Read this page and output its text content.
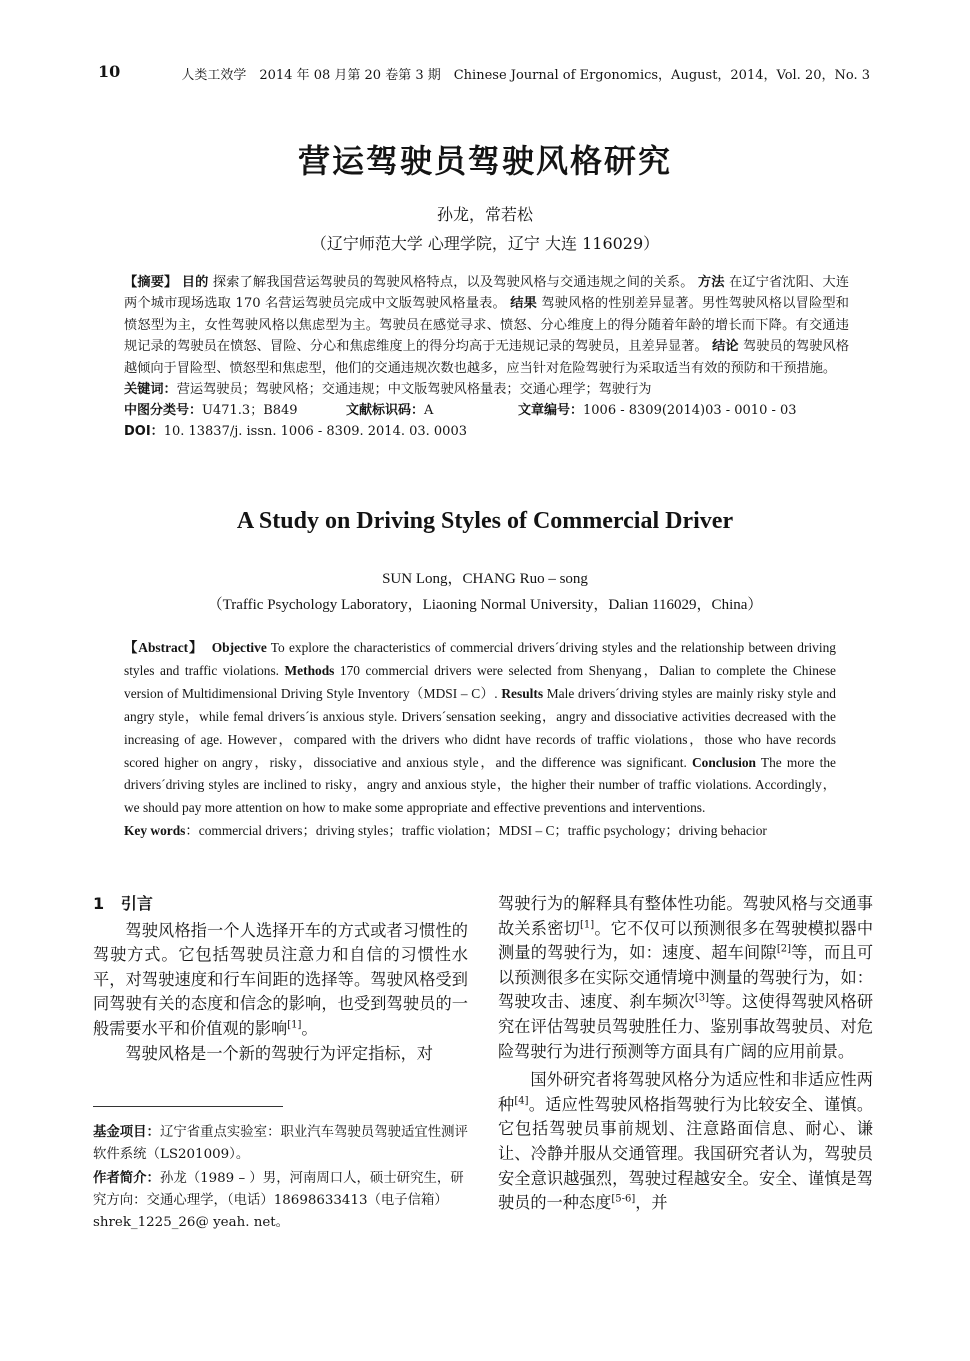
10	人类工效学　2014 年 08 月第 20 卷第 3 期　Chinese Journal of Ergonomics，August，2014，Vol. 20，No. 3
营运驾驶员驾驶风格研究
孙龙，常若松
（辽宁师范大学 心理学院，辽宁 大连 116029）

【摘要】 目的 探索了解我国营运驾驶员的驾驶风格特点，以及驾驶风格与交通违规之间的关系。 方法 在辽宁省沈阳、大连两个城市现场选取 170 名营运驾驶员完成中文版驾驶风格量表。 结果 驾驶风格的性别差异显著。男性驾驶风格以冒险型和愤怒型为主，女性驾驶风格以焦虑型为主。驾驶员在感觉寻求、愤怒、分心维度上的得分随着年龄的增长而下降。有交通违规记录的驾驶员在愤怒、冒险、分心和焦虑维度上的得分均高于无违规记录的驾驶员，且差异显著。 结论 驾驶员的驾驶风格越倾向于冒险型、愤怒型和焦虑型，他们的交通违规次数也越多，应当针对危险驾驶行为采取适当有效的预防和干预措施。

关键词：营运驾驶员；驾驶风格；交通违规；中文版驾驶风格量表；交通心理学；驾驶行为

中图分类号：U471.3；B849	文献标识码：A	文章编号：1006 - 8309(2014)03 - 0010 - 03
DOI：10. 13837/j. issn. 1006 - 8309. 2014. 03. 0003
A Study on Driving Styles of Commercial Driver
SUN Long，CHANG Ruo – song
（Traffic Psychology Laboratory，Liaoning Normal University，Dalian 116029，China）

【Abstract】 Objective To explore the characteristics of commercial drivers´driving styles and the relationship between driving styles and traffic violations. Methods 170 commercial drivers were selected from Shenyang，Dalian to complete the Chinese version of Multidimensional Driving Style Inventory（MDSI – C）. Results Male drivers´driving styles are mainly risky style and angry style，while femal drivers´is anxious style. Drivers´sensation seeking，angry and dissociative activities decreased with the increasing of age. However，compared with the drivers who didnt have records of traffic violations，those who have records scored higher on angry，risky，dissociative and anxious style，and the difference was significant. Conclusion The more the drivers´driving styles are inclined to risky，angry and anxious style，the higher their number of traffic violations. Accordingly，we should pay more attention on how to make some appropriate and effective preventions and interventions.

Key words：commercial drivers；driving styles；traffic violation；MDSI – C；traffic psychology；driving behacior

1 引言

驾驶风格指一个人选择开车的方式或者习惯性的驾驶方式。它包括驾驶员注意力和自信的习惯性水平，对驾驶速度和行车间距的选择等。驾驶风格受到同驾驶有关的态度和信念的影响，也受到驾驶员的一般需要水平和价值观的影响[1]。

驾驶风格是一个新的驾驶行为评定指标，对

基金项目：辽宁省重点实验室：职业汽车驾驶员驾驶适宜性测评软件系统（LS201009）。

作者简介：孙龙（1989 – ）男，河南周口人，硕士研究生，研究方向：交通心理学，（电话）18698633413（电子信箱）shrek_1225_26@ yeah. net。

驾驶行为的解释具有整体性功能。驾驶风格与交通事故关系密切[1]。它不仅可以预测很多在驾驶模拟器中测量的驾驶行为，如：速度、超车间隙[2]等，而且可以预测很多在实际交通情境中测量的驾驶行为，如：驾驶攻击、速度、刹车频次[3]等。这使得驾驶风格研究在评估驾驶员驾驶胜任力、鉴别事故驾驶员、对危险驾驶行为进行预测等方面具有广阔的应用前景。

国外研究者将驾驶风格分为适应性和非适应性两种[4]。适应性驾驶风格指驾驶行为比较安全、谨慎。它包括驾驶员事前规划、注意路面信息、耐心、谦让、冷静并服从交通管理。我国研究者认为，驾驶员安全意识越强烈，驾驶过程越安全。安全、谨慎是驾驶员的一种态度[5-6]，并
